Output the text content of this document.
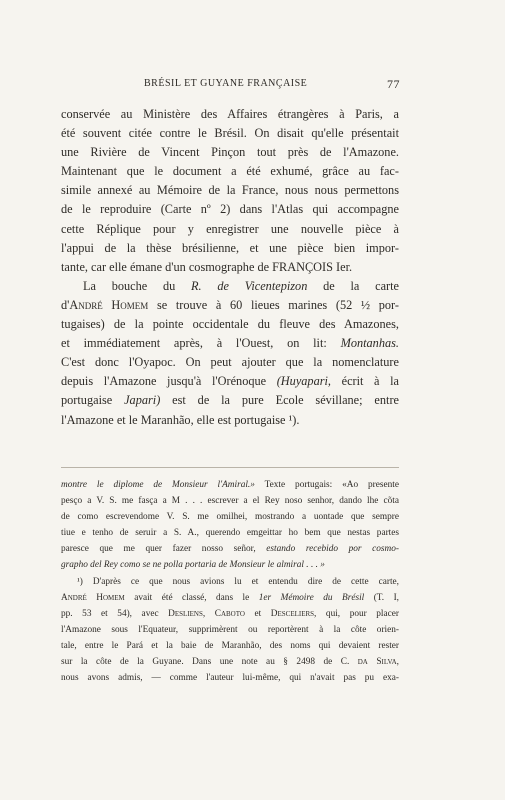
BRÉSIL ET GUYANE FRANÇAISE	77
conservée au Ministère des Affaires étrangères à Paris, a
été souvent citée contre le Brésil. On disait qu'elle présentait
une Rivière de Vincent Pinçon tout près de l'Amazone.
Maintenant que le document a été exhumé, grâce au fac-
simile annexé au Mémoire de la France, nous nous permettons
de le reproduire (Carte nº 2) dans l'Atlas qui accompagne
cette Réplique pour y enregistrer une nouvelle pièce à
l'appui de la thèse brésilienne, et une pièce bien impor-
tante, car elle émane d'un cosmographe de FRANÇOIS Ier.
La bouche du R. de Vicentepizon de la carte
d'André Homem se trouve à 60 lieues marines (52 ½ por-
tugaises) de la pointe occidentale du fleuve des Amazones,
et immédiatement après, à l'Ouest, on lit: Montanhas.
C'est donc l'Oyapoc. On peut ajouter que la nomenclature
depuis l'Amazone jusqu'à l'Orénoque (Huyapari, écrit à la
portugaise Japari) est de la pure Ecole sévillane; entre
l'Amazone et le Maranhão, elle est portugaise ¹).
montre le diplome de Monsieur l'Amiral.» Texte portugais: «Ao presente
pesço a V. S. me fasça a M . . . escrever a el Rey noso senhor, dando lhe cõta
de como escrevendome V. S. me omilhei, mostrando a uontade que sempre
tiue e tenho de seruir a S. A., querendo emgeittar ho bem que nestas partes
paresce que me quer fazer nosso señor, estando recebido por cosmo-
grapho del Rey como se ne polla portaria de Monsieur le almiral . . . »
¹) D'après ce que nous avions lu et entendu dire de cette carte,
André Homem avait été classé, dans le 1er Mémoire du Brésil (T. I,
pp. 53 et 54), avec Desliens, Caboto et Desceliers, qui, pour placer
l'Amazone sous l'Equateur, supprimèrent ou reportèrent à la côte orien-
tale, entre le Pará et la baie de Maranhão, des noms qui devaient rester
sur la côte de la Guyane. Dans une note au § 2498 de C. da Silva,
nous avons admis, — comme l'auteur lui-même, qui n'avait pas pu exa-
